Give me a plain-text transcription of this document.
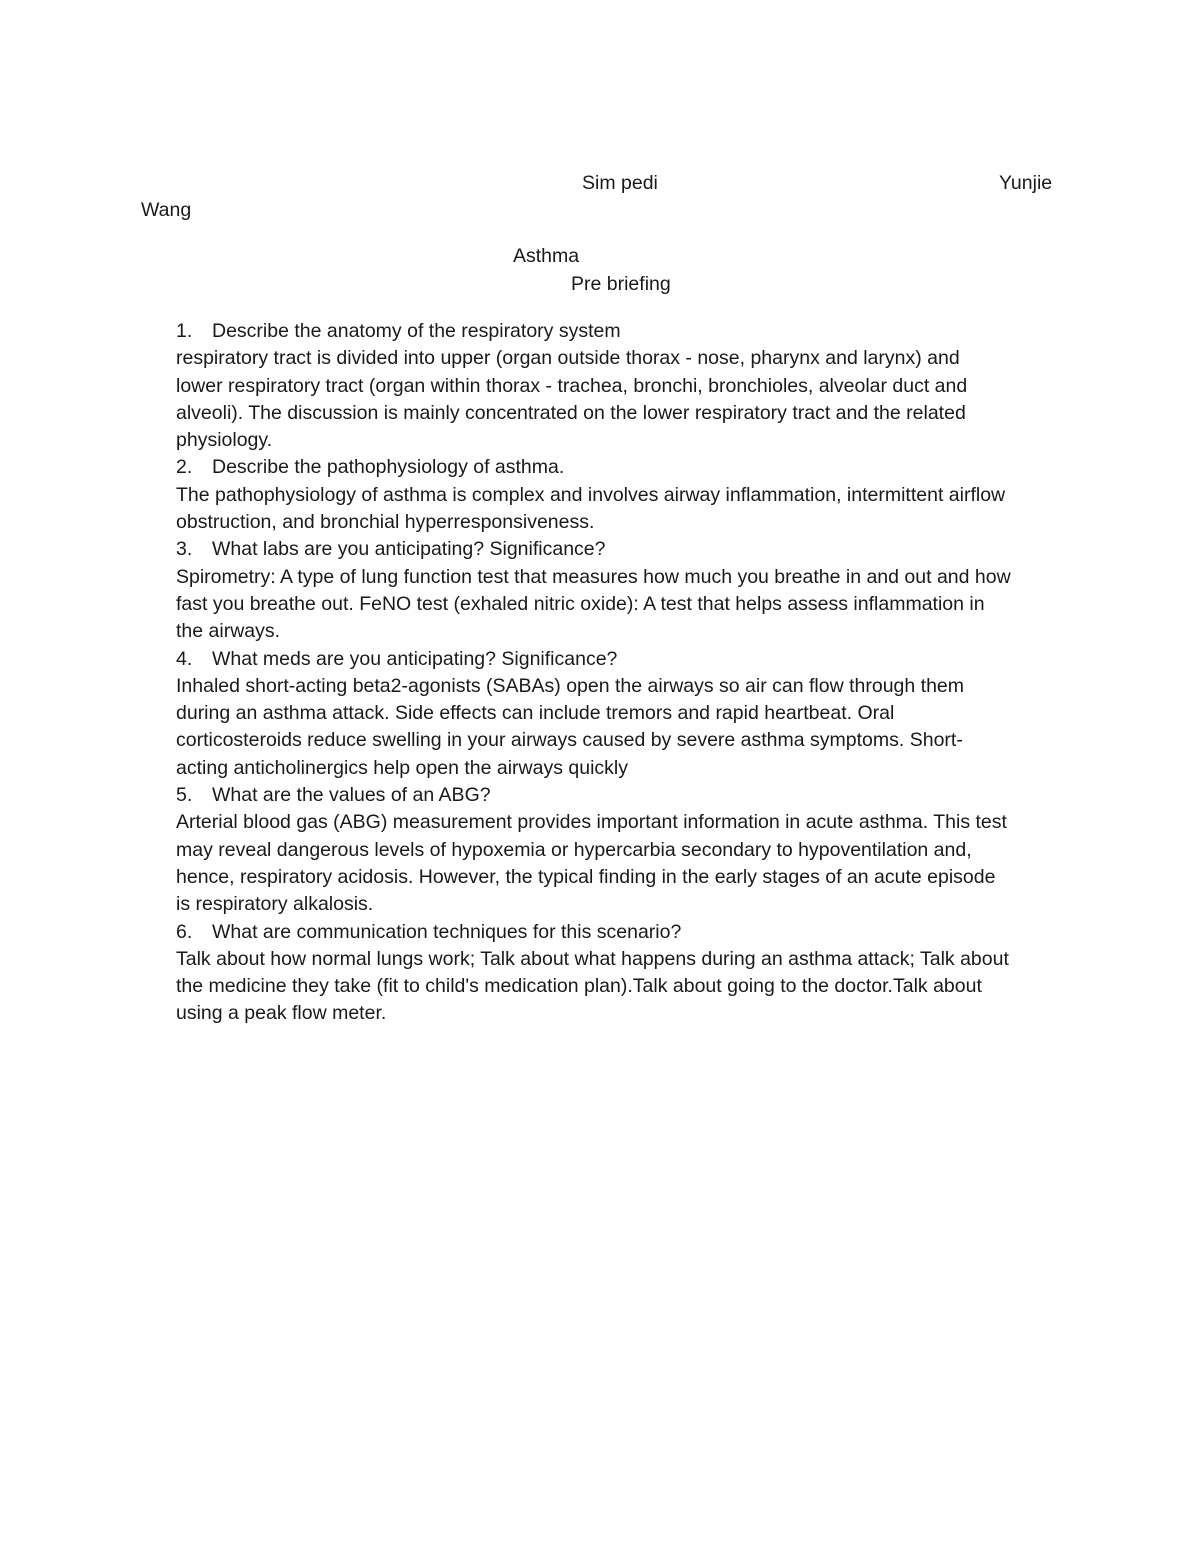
Sim pedi	Yunjie
Wang
Asthma
Pre briefing
1. Describe the anatomy of the respiratory system
respiratory tract is divided into upper (organ outside thorax - nose, pharynx and larynx) and
lower respiratory tract (organ within thorax - trachea, bronchi, bronchioles, alveolar duct and
alveoli). The discussion is mainly concentrated on the lower respiratory tract and the related
physiology.
2. Describe the pathophysiology of asthma.
The pathophysiology of asthma is complex and involves airway inflammation, intermittent airflow
obstruction, and bronchial hyperresponsiveness.
3. What labs are you anticipating? Significance?
Spirometry: A type of lung function test that measures how much you breathe in and out and how
fast you breathe out. FeNO test (exhaled nitric oxide): A test that helps assess inflammation in
the airways.
4. What meds are you anticipating? Significance?
Inhaled short-acting beta2-agonists (SABAs) open the airways so air can flow through them
during an asthma attack. Side effects can include tremors and rapid heartbeat. Oral
corticosteroids reduce swelling in your airways caused by severe asthma symptoms. Short-
acting anticholinergics help open the airways quickly
5. What are the values of an ABG?
Arterial blood gas (ABG) measurement provides important information in acute asthma. This test
may reveal dangerous levels of hypoxemia or hypercarbia secondary to hypoventilation and,
hence, respiratory acidosis. However, the typical finding in the early stages of an acute episode
is respiratory alkalosis.
6. What are communication techniques for this scenario?
Talk about how normal lungs work; Talk about what happens during an asthma attack; Talk about
the medicine they take (fit to child's medication plan).Talk about going to the doctor.Talk about
using a peak flow meter.
